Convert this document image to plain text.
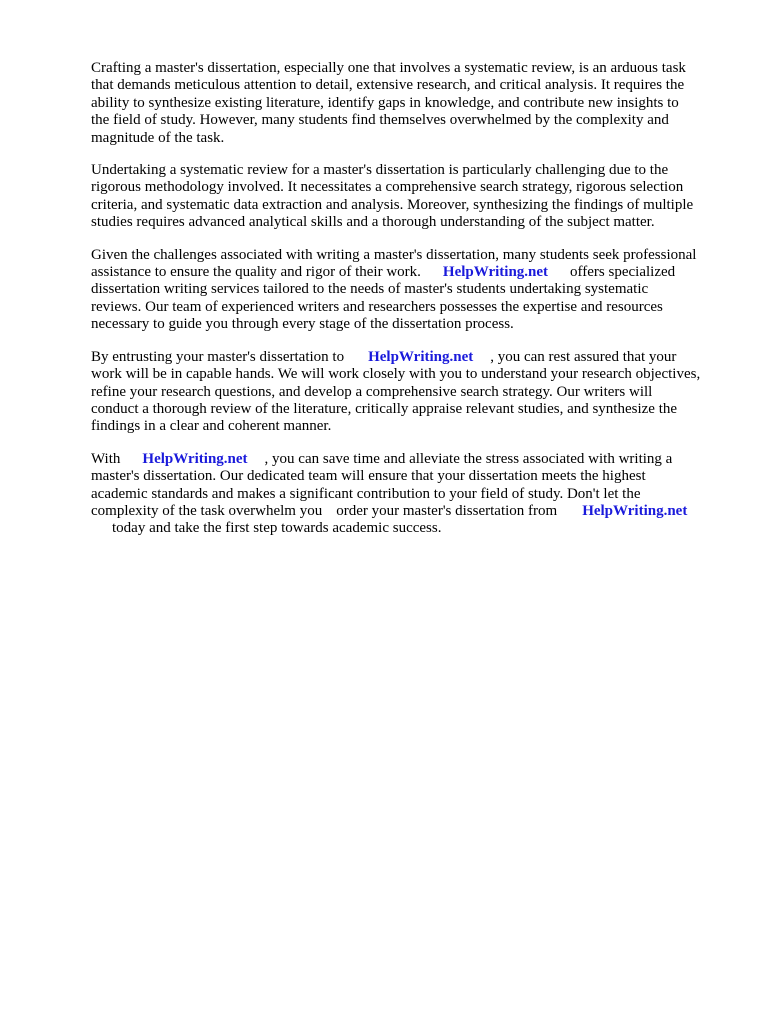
Crafting a master's dissertation, especially one that involves a systematic review, is an arduous task
that demands meticulous attention to detail, extensive research, and critical analysis. It requires the
ability to synthesize existing literature, identify gaps in knowledge, and contribute new insights to
the field of study. However, many students find themselves overwhelmed by the complexity and
magnitude of the task.

Undertaking a systematic review for a master's dissertation is particularly challenging due to the
rigorous methodology involved. It necessitates a comprehensive search strategy, rigorous selection
criteria, and systematic data extraction and analysis. Moreover, synthesizing the findings of multiple
studies requires advanced analytical skills and a thorough understanding of the subject matter.

Given the challenges associated with writing a master's dissertation, many students seek professional
assistance to ensure the quality and rigor of their work. HelpWriting.net offers specialized
dissertation writing services tailored to the needs of master's students undertaking systematic
reviews. Our team of experienced writers and researchers possesses the expertise and resources
necessary to guide you through every stage of the dissertation process.

By entrusting your master's dissertation to HelpWriting.net , you can rest assured that your
work will be in capable hands. We will work closely with you to understand your research objectives,
refine your research questions, and develop a comprehensive search strategy. Our writers will
conduct a thorough review of the literature, critically appraise relevant studies, and synthesize the
findings in a clear and coherent manner.

With HelpWriting.net , you can save time and alleviate the stress associated with writing a
master's dissertation. Our dedicated team will ensure that your dissertation meets the highest
academic standards and makes a significant contribution to your field of study. Don't let the
complexity of the task overwhelm you order your master's dissertation from HelpWriting.net
today and take the first step towards academic success.
